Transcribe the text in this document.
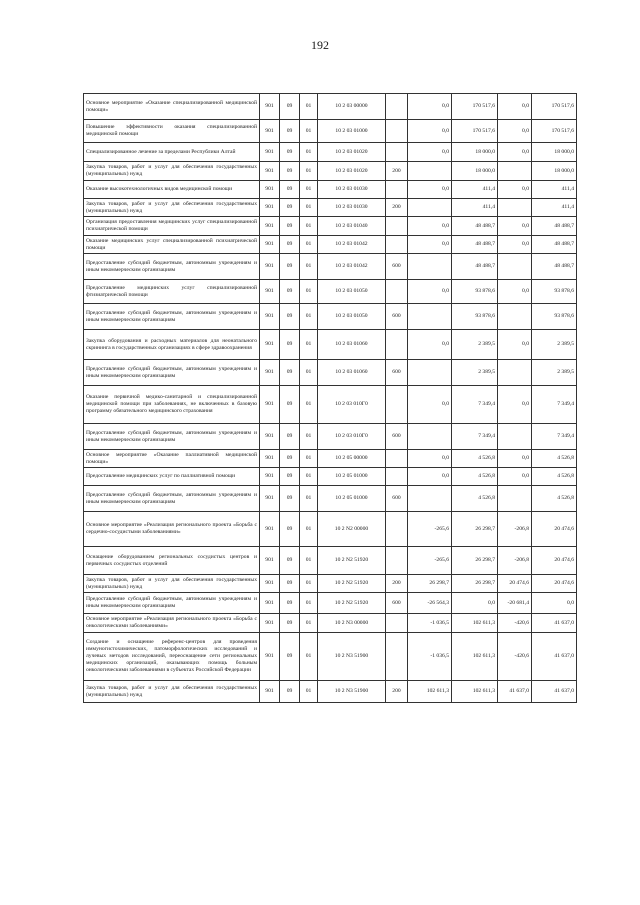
192
Основное мероприятие «Оказание специализированной медицинской помощи»	901	09	01	10 2 03 00000		0,0	170 517,6	0,0	170 517,6
Повышение эффективности оказания специализированной медицинской помощи	901	09	01	10 2 03 01000		0,0	170 517,6	0,0	170 517,6
Специализированное лечение за пределами Республики Алтай	901	09	01	10 2 03 01020		0,0	18 000,0	0,0	18 000,0
Закупка товаров, работ и услуг для обеспечения государственных (муниципальных) нужд	901	09	01	10 2 03 01020	200		18 000,0		18 000,0
Оказание высокотехнологичных видов медицинской помощи	901	09	01	10 2 03 01030		0,0	411,4	0,0	411,4
Закупка товаров, работ и услуг для обеспечения государственных (муниципальных) нужд	901	09	01	10 2 03 01030	200		411,4		411,4
Организация предоставления медицинских услуг специализированной психиатрической помощи	901	09	01	10 2 03 01040		0,0	48 488,7	0,0	48 488,7
Оказание медицинских услуг специализированной психиатрической помощи	901	09	01	10 2 03 01042		0,0	48 488,7	0,0	48 488,7
Предоставление субсидий бюджетным, автономным учреждениям и иным некоммерческим организациям	901	09	01	10 2 03 01042	600		48 488,7		48 488,7
Предоставление медицинских услуг специализированной фтизиатрической помощи	901	09	01	10 2 03 01050		0,0	93 878,6	0,0	93 878,6
Предоставление субсидий бюджетным, автономным учреждениям и иным некоммерческим организациям	901	09	01	10 2 03 01050	600		93 878,6		93 878,6
Закупка оборудования и расходных материалов для неонатального скрининга в государственных организациях в сфере здравоохранения	901	09	01	10 2 03 01060		0,0	2 389,5	0,0	2 389,5
Предоставление субсидий бюджетным, автономным учреждениям и иным некоммерческим организациям	901	09	01	10 2 03 01060	600		2 389,5		2 389,5
Оказание первичной медико-санитарной и специализированной медицинской помощи при заболеваниях, не включенных в базовую программу обязательного медицинского страхования	901	09	01	10 2 03 010Г0		0,0	7 349,4	0,0	7 349,4
Предоставление субсидий бюджетным, автономным учреждениям и иным некоммерческим организациям	901	09	01	10 2 03 010Г0	600		7 349,4		7 349,4
Основное мероприятие «Оказание паллиативной медицинской помощи»	901	09	01	10 2 05 00000		0,0	4 526,8	0,0	4 526,8
Предоставление медицинских услуг по паллиативной помощи	901	09	01	10 2 05 01000		0,0	4 526,8	0,0	4 526,8
Предоставление субсидий бюджетным, автономным учреждениям и иным некоммерческим организациям	901	09	01	10 2 05 01000	600		4 526,8		4 526,8
Основное мероприятие «Реализация регионального проекта «Борьба с сердечно-сосудистыми заболеваниями»	901	09	01	10 2 N2 00000		-265,6	26 298,7	-206,8	20 474,6
Оснащение оборудованием региональных сосудистых центров и первичных сосудистых отделений	901	09	01	10 2 N2 51920		-265,6	26 298,7	-206,8	20 474,6
Закупка товаров, работ и услуг для обеспечения государственных (муниципальных) нужд	901	09	01	10 2 N2 51920	200	26 298,7	26 298,7	20 474,6	20 474,6
Предоставление субсидий бюджетным, автономным учреждениям и иным некоммерческим организациям	901	09	01	10 2 N2 51920	600	-26 564,3	0,0	-20 681,4	0,0
Основное мероприятие «Реализация регионального проекта «Борьба с онкологическими заболеваниями»	901	09	01	10 2 N3 00000		-1 036,5	102 611,3	-420,6	41 637,0
Создание и оснащение референс-центров для проведения иммуногистохимических, патоморфологических исследований и лучевых методов исследований, переоснащение сети региональных медицинских организаций, оказывающих помощь больным онкологическими заболеваниями в субъектах Российской Федерации	901	09	01	10 2 N3 51900		-1 036,5	102 611,3	-420,6	41 637,0
Закупка товаров, работ и услуг для обеспечения государственных (муниципальных) нужд	901	09	01	10 2 N3 51900	200	102 611,3	102 611,3	41 637,0	41 637,0
